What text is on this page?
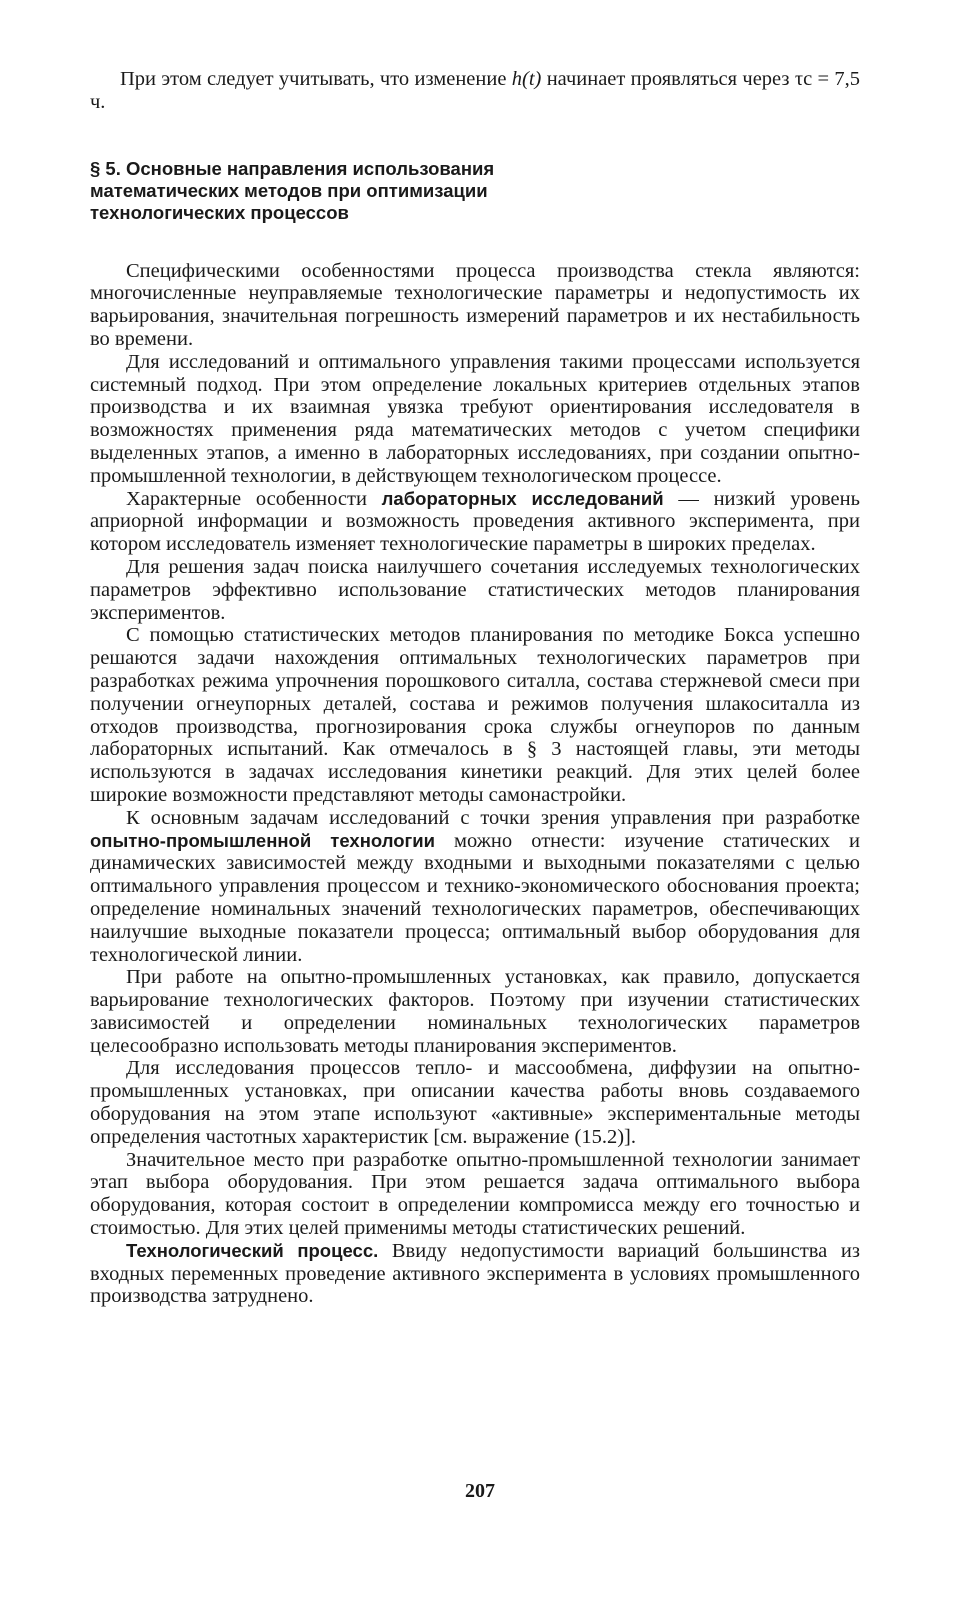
При этом следует учитывать, что изменение h(t) начинает проявляться через τc = 7,5 ч.

§ 5. Основные направления использования математических методов при оптимизации технологических процессов

Специфическими особенностями процесса производства стекла являются: многочисленные неуправляемые технологические параметры и недопустимость их варьирования, значительная погрешность измерений параметров и их нестабильность во времени.

Для исследований и оптимального управления такими процессами используется системный подход. При этом определение локальных критериев отдельных этапов производства и их взаимная увязка требуют ориентирования исследователя в возможностях применения ряда математических методов с учетом специфики выделенных этапов, а именно в лабораторных исследованиях, при создании опытно-промышленной технологии, в действующем технологическом процессе.

Характерные особенности лабораторных исследований — низкий уровень априорной информации и возможность проведения активного эксперимента, при котором исследователь изменяет технологические параметры в широких пределах.

Для решения задач поиска наилучшего сочетания исследуемых технологических параметров эффективно использование статистических методов планирования экспериментов.

С помощью статистических методов планирования по методике Бокса успешно решаются задачи нахождения оптимальных технологических параметров при разработках режима упрочнения порошкового ситалла, состава стержневой смеси при получении огнеупорных деталей, состава и режимов получения шлакоситалла из отходов производства, прогнозирования срока службы огнеупоров по данным лабораторных испытаний. Как отмечалось в § 3 настоящей главы, эти методы используются в задачах исследования кинетики реакций. Для этих целей более широкие возможности представляют методы самонастройки.

К основным задачам исследований с точки зрения управления при разработке опытно-промышленной технологии можно отнести: изучение статических и динамических зависимостей между входными и выходными показателями с целью оптимального управления процессом и технико-экономического обоснования проекта; определение номинальных значений технологических параметров, обеспечивающих наилучшие выходные показатели процесса; оптимальный выбор оборудования для технологической линии.

При работе на опытно-промышленных установках, как правило, допускается варьирование технологических факторов. Поэтому при изучении статистических зависимостей и определении номинальных технологических параметров целесообразно использовать методы планирования экспериментов.

Для исследования процессов тепло- и массообмена, диффузии на опытно-промышленных установках, при описании качества работы вновь создаваемого оборудования на этом этапе используют «активные» экспериментальные методы определения частотных характеристик [см. выражение (15.2)].

Значительное место при разработке опытно-промышленной технологии занимает этап выбора оборудования. При этом решается задача оптимального выбора оборудования, которая состоит в определении компромисса между его точностью и стоимостью. Для этих целей применимы методы статистических решений.

Технологический процесс. Ввиду недопустимости вариаций большинства из входных переменных проведение активного эксперимента в условиях промышленного производства затруднено.

207
